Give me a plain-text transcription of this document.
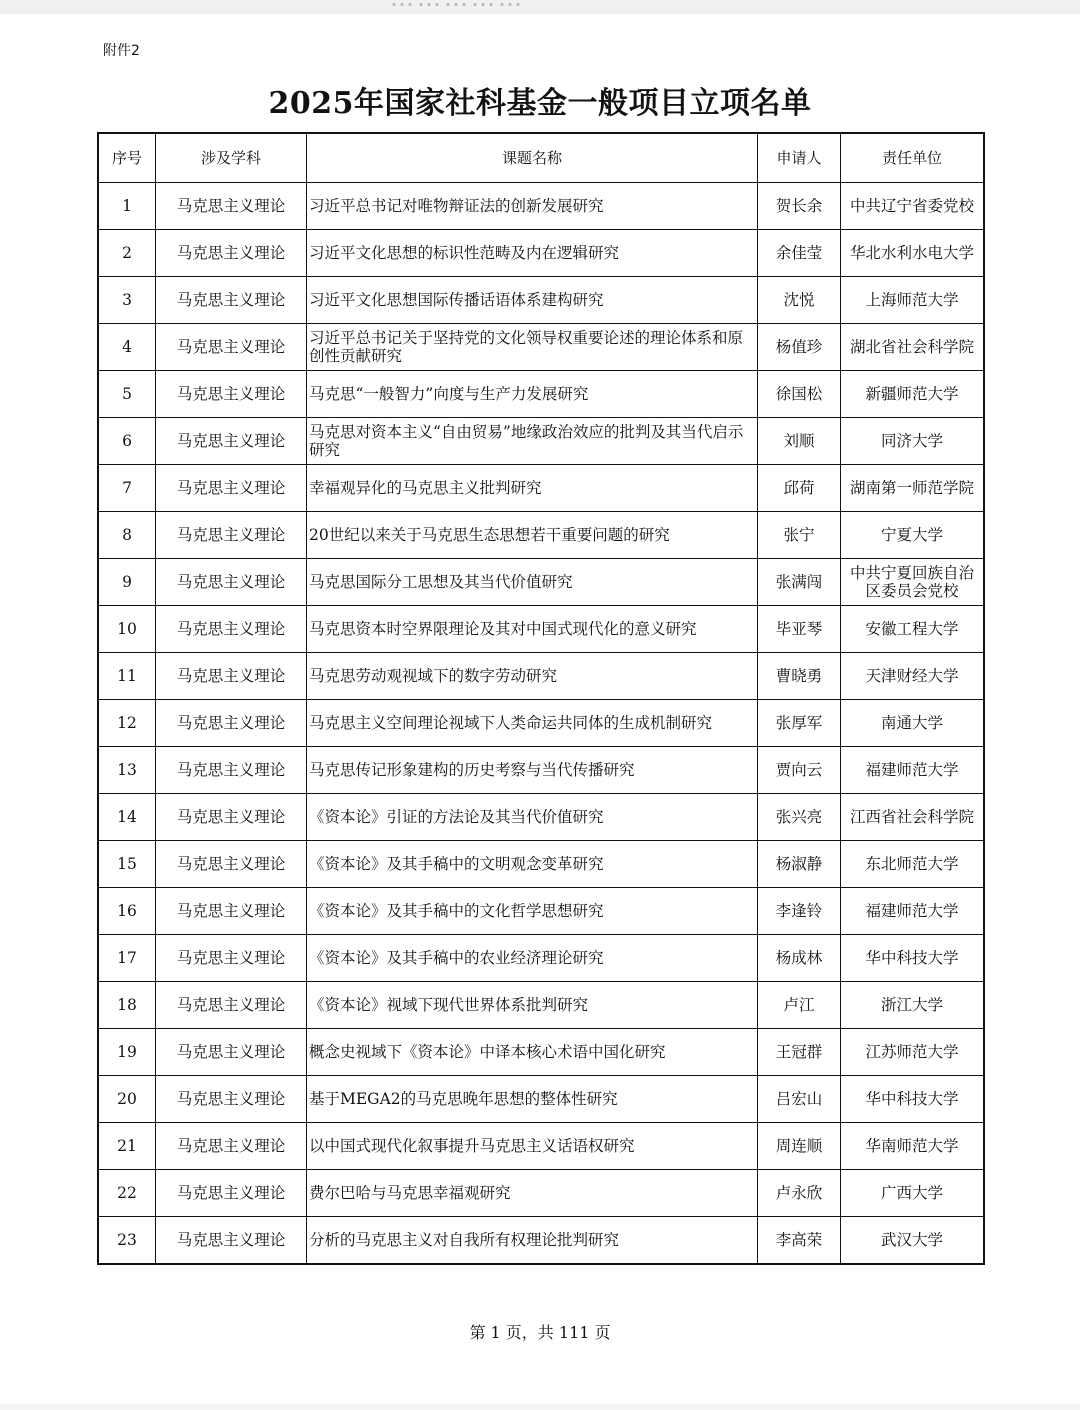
附件2
2025年国家社科基金一般项目立项名单
序号	涉及学科	课题名称	申请人	责任单位
1	马克思主义理论	习近平总书记对唯物辩证法的创新发展研究	贺长余	中共辽宁省委党校
2	马克思主义理论	习近平文化思想的标识性范畴及内在逻辑研究	余佳莹	华北水利水电大学
3	马克思主义理论	习近平文化思想国际传播话语体系建构研究	沈悦	上海师范大学
4	马克思主义理论	习近平总书记关于坚持党的文化领导权重要论述的理论体系和原创性贡献研究	杨值珍	湖北省社会科学院
5	马克思主义理论	马克思“一般智力”向度与生产力发展研究	徐国松	新疆师范大学
6	马克思主义理论	马克思对资本主义“自由贸易”地缘政治效应的批判及其当代启示研究	刘顺	同济大学
7	马克思主义理论	幸福观异化的马克思主义批判研究	邱荷	湖南第一师范学院
8	马克思主义理论	20世纪以来关于马克思生态思想若干重要问题的研究	张宁	宁夏大学
9	马克思主义理论	马克思国际分工思想及其当代价值研究	张满闯	中共宁夏回族自治区委员会党校
10	马克思主义理论	马克思资本时空界限理论及其对中国式现代化的意义研究	毕亚琴	安徽工程大学
11	马克思主义理论	马克思劳动观视域下的数字劳动研究	曹晓勇	天津财经大学
12	马克思主义理论	马克思主义空间理论视域下人类命运共同体的生成机制研究	张厚军	南通大学
13	马克思主义理论	马克思传记形象建构的历史考察与当代传播研究	贾向云	福建师范大学
14	马克思主义理论	《资本论》引证的方法论及其当代价值研究	张兴亮	江西省社会科学院
15	马克思主义理论	《资本论》及其手稿中的文明观念变革研究	杨淑静	东北师范大学
16	马克思主义理论	《资本论》及其手稿中的文化哲学思想研究	李逢铃	福建师范大学
17	马克思主义理论	《资本论》及其手稿中的农业经济理论研究	杨成林	华中科技大学
18	马克思主义理论	《资本论》视域下现代世界体系批判研究	卢江	浙江大学
19	马克思主义理论	概念史视域下《资本论》中译本核心术语中国化研究	王冠群	江苏师范大学
20	马克思主义理论	基于MEGA2的马克思晚年思想的整体性研究	吕宏山	华中科技大学
21	马克思主义理论	以中国式现代化叙事提升马克思主义话语权研究	周连顺	华南师范大学
22	马克思主义理论	费尔巴哈与马克思幸福观研究	卢永欣	广西大学
23	马克思主义理论	分析的马克思主义对自我所有权理论批判研究	李高荣	武汉大学
第 1 页，共 111 页
